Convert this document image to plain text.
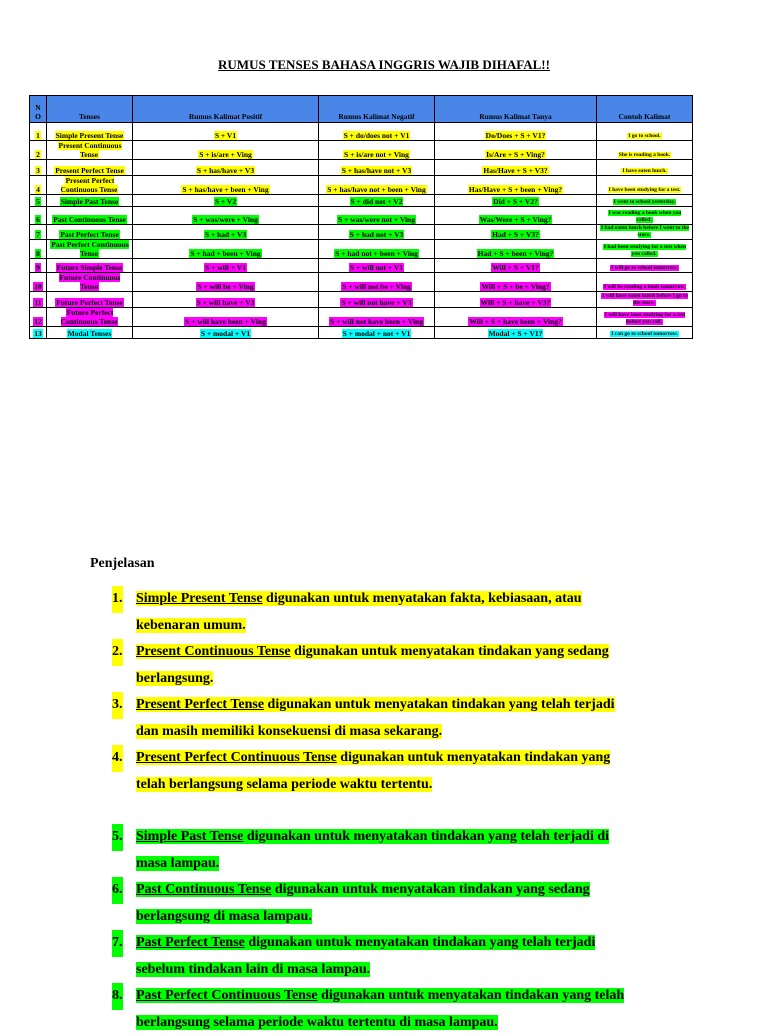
RUMUS TENSES BAHASA INGGRIS WAJIB DIHAFAL!!
N O	Tenses	Rumus Kalimat Positif	Rumus Kalimat Negatif	Rumus Kalimat Tanya	Contoh Kalimat
1	Simple Present Tense	S + V1	S + do/does not + V1	Do/Does + S + V1?	I go to school.
2	Present Continuous Tense	S + is/are + Ving	S + is/are not + Ving	Is/Are + S + Ving?	She is reading a book.
3	Present Perfect Tense	S + has/have + V3	S + has/have not + V3	Has/Have + S + V3?	I have eaten lunch.
4	Present Perfect Continuous Tense	S + has/have + been + Ving	S + has/have not + been + Ving	Has/Have + S + been + Ving?	I have been studying for a test.
5	Simple Past Tense	S + V2	S + did not + V2	Did + S + V2?	I went to school yesterday.
6	Past Continuous Tense	S + was/were + Ving	S + was/were not + Ving	Was/Were + S + Ving?	I was reading a book when you called.
7	Past Perfect Tense	S + had + V3	S + had not + V3	Had + S + V3?	I had eaten lunch before I went to the store.
8	Past Perfect Continuous Tense	S + had + been + Ving	S + had not + been + Ving	Had + S + been + Ving?	I had been studying for a test when you called.
9	Future Simple Tense	S + will + V1	S + will not + V1	Will + S + V1?	I will go to school tomorrow.
10	Future Continuous Tense	S + will be + Ving	S + will not be + Ving	Will + S + be + Ving?	I will be reading a book tomorrow.
11	Future Perfect Tense	S + will have + V3	S + will not have + V3	Will + S + have + V3?	I will have eaten lunch before I go to the store.
12	Future Perfect Continuous Tense	S + will have been + Ving	S + will not have been + Ving	Will + S + have been + Ving?	I will have been studying for a test before you call.
13	Modal Tenses	S + modal + V1	S + modal + not + V1	Modal + S + V1?	I can go to school tomorrow.
Penjelasan
1. Simple Present Tense digunakan untuk menyatakan fakta, kebiasaan, atau
kebenaran umum.
2. Present Continuous Tense digunakan untuk menyatakan tindakan yang sedang
berlangsung.
3. Present Perfect Tense digunakan untuk menyatakan tindakan yang telah terjadi
dan masih memiliki konsekuensi di masa sekarang.
4. Present Perfect Continuous Tense digunakan untuk menyatakan tindakan yang
telah berlangsung selama periode waktu tertentu.
5. Simple Past Tense digunakan untuk menyatakan tindakan yang telah terjadi di
masa lampau.
6. Past Continuous Tense digunakan untuk menyatakan tindakan yang sedang
berlangsung di masa lampau.
7. Past Perfect Tense digunakan untuk menyatakan tindakan yang telah terjadi
sebelum tindakan lain di masa lampau.
8. Past Perfect Continuous Tense digunakan untuk menyatakan tindakan yang telah
berlangsung selama periode waktu tertentu di masa lampau.
